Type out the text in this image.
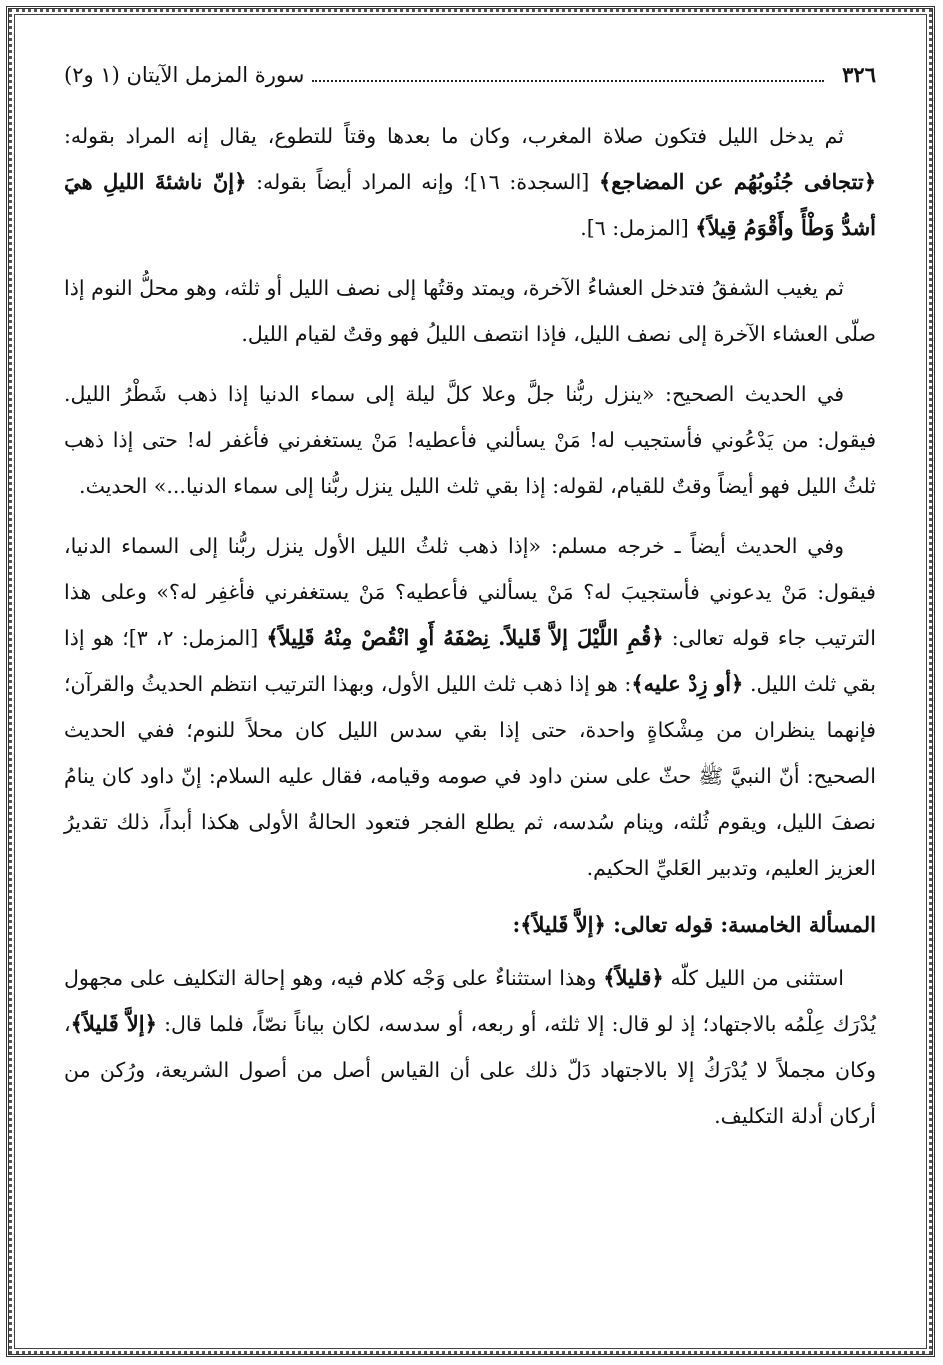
٣٢٦
سورة المزمل الآيتان (١ و٢)

ثم يدخل الليل فتكون صلاة المغرب، وكان ما بعدها وقتاً للتطوع، يقال إنه المراد بقوله: ﴿تتجافى جُنُوبُهُم عن المضاجع﴾ [السجدة: ١٦]؛ وإنه المراد أيضاً بقوله: ﴿إنّ ناشئةَ الليلِ هيَ أشدُّ وَطْأً وأَقْوَمُ قِيلاً﴾ [المزمل: ٦].

ثم يغيب الشفقُ فتدخل العشاءُ الآخرة، ويمتد وقتُها إلى نصف الليل أو ثلثه، وهو محلُّ النوم إذا صلّى العشاء الآخرة إلى نصف الليل، فإذا انتصف الليلُ فهو وقتٌ لقيام الليل.

في الحديث الصحيح: «ينزل ربُّنا جلَّ وعلا كلَّ ليلة إلى سماء الدنيا إذا ذهب شَطْرُ الليل. فيقول: من يَدْعُوني فأستجيب له! مَنْ يسألني فأعطيه! مَنْ يستغفرني فأغفر له! حتى إذا ذهب ثلثُ الليل فهو أيضاً وقتٌ للقيام، لقوله: إذا بقي ثلث الليل ينزل ربُّنا إلى سماء الدنيا...» الحديث.

وفي الحديث أيضاً ـ خرجه مسلم: «إذا ذهب ثلثُ الليل الأول ينزل ربُّنا إلى السماء الدنيا، فيقول: مَنْ يدعوني فأستجيبَ له؟ مَنْ يسألني فأعطيه؟ مَنْ يستغفرني فأغفِر له؟» وعلى هذا الترتيب جاء قوله تعالى: ﴿قُمِ اللَّيْلَ إلاَّ قَليلاً. نِصْفَهُ أَوِ انْقُصْ مِنْهُ قَلِيلاً﴾ [المزمل: ٢، ٣]؛ هو إذا بقي ثلث الليل. ﴿أو زِدْ عليه﴾: هو إذا ذهب ثلث الليل الأول، وبهذا الترتيب انتظم الحديثُ والقرآن؛ فإنهما ينظران من مِشْكاةٍ واحدة، حتى إذا بقي سدس الليل كان محلاً للنوم؛ ففي الحديث الصحيح: أنّ النبيَّ ﷺ حثّ على سنن داود في صومه وقيامه، فقال عليه السلام: إنّ داود كان ينامُ نصفَ الليل، ويقوم ثُلثه، وينام سُدسه، ثم يطلع الفجر فتعود الحالةُ الأولى هكذا أبداً، ذلك تقديرُ العزيز العليم، وتدبير العَليِّ الحكيم.

المسألة الخامسة: قوله تعالى: ﴿إلاَّ قَليلاً﴾:

استثنى من الليل كلّه ﴿قليلاً﴾ وهذا استثناءٌ على وَجْه كلام فيه، وهو إحالة التكليف على مجهول يُدْرَك عِلْمُه بالاجتهاد؛ إذ لو قال: إلا ثلثه، أو ربعه، أو سدسه، لكان بياناً نصّاً، فلما قال: ﴿إلاَّ قَليلاً﴾، وكان مجملاً لا يُدْرَكُ إلا بالاجتهاد دَلّ ذلك على أن القياس أصل من أصول الشريعة، ورُكن من أركان أدلة التكليف.
